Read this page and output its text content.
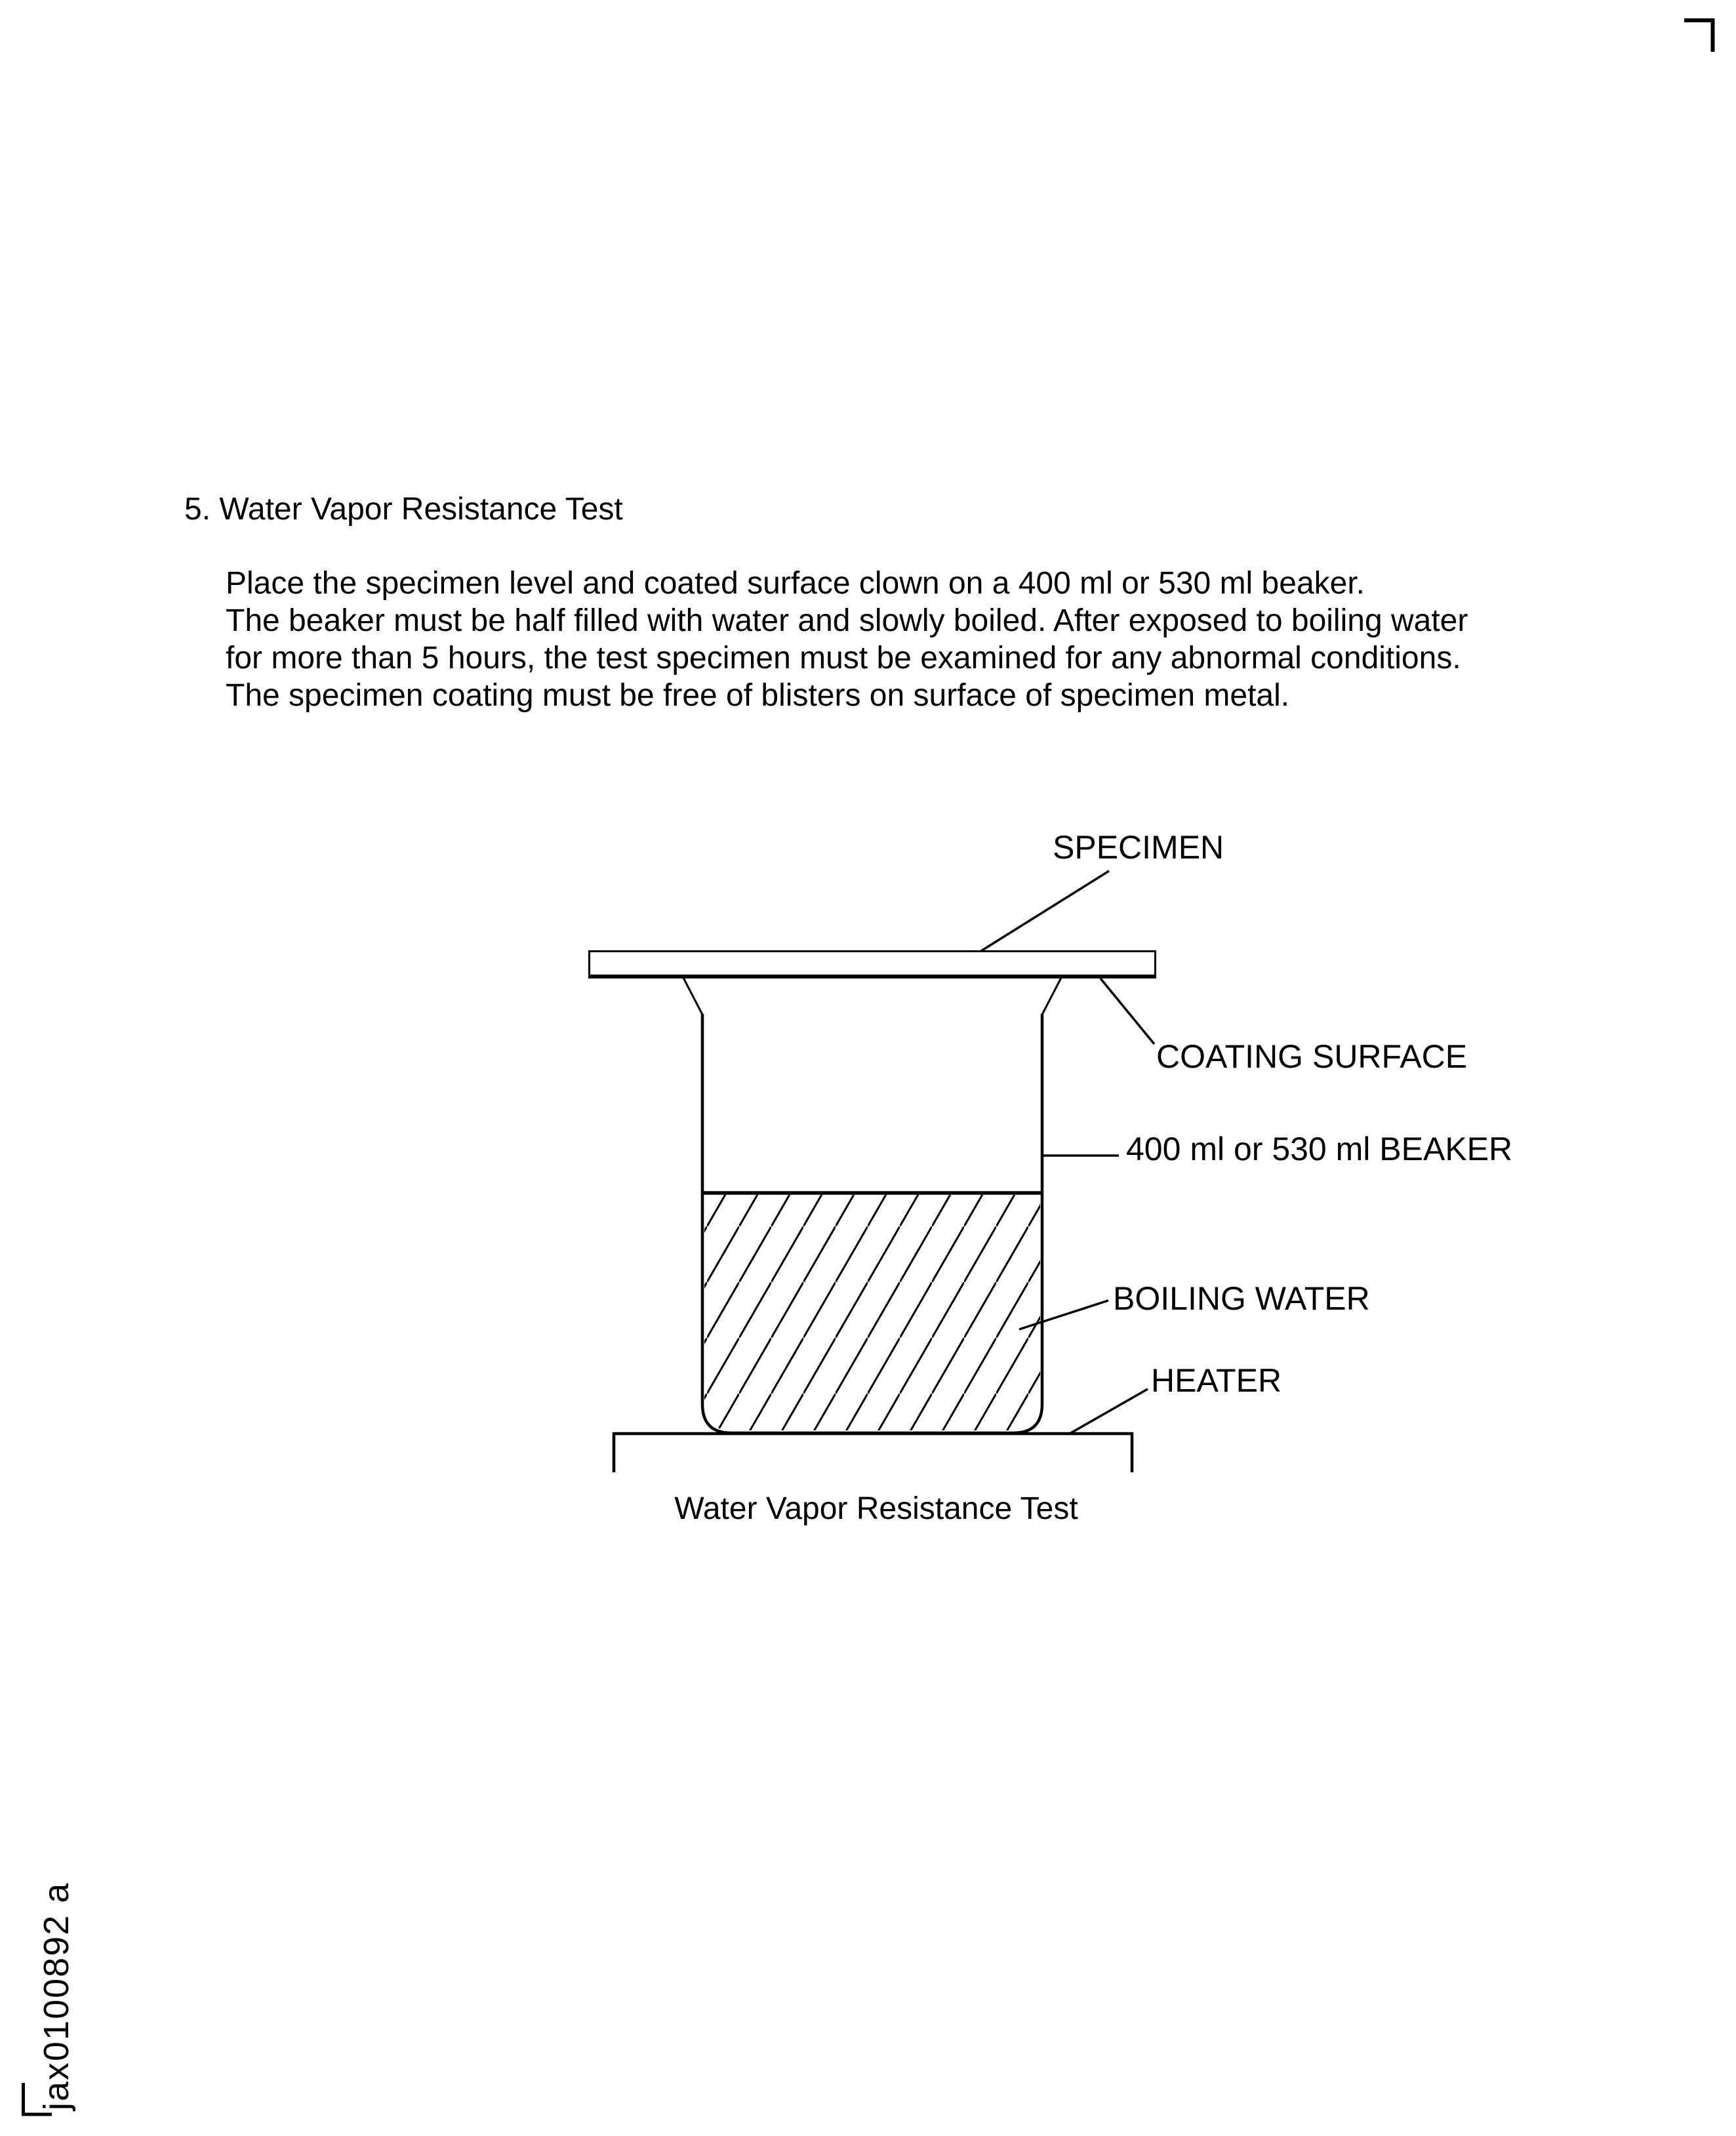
5. Water Vapor Resistance Test
Place the specimen level and coated surface clown on a 400 ml or 530 ml beaker.
The beaker must be half filled with water and slowly boiled. After exposed to boiling water
for more than 5 hours, the test specimen must be examined for any abnormal conditions.
The specimen coating must be free of blisters on surface of specimen metal.
SPECIMEN
COATING SURFACE
400 ml or 530 ml BEAKER
BOILING WATER
HEATER
Water Vapor Resistance Test
jax0100892 a
